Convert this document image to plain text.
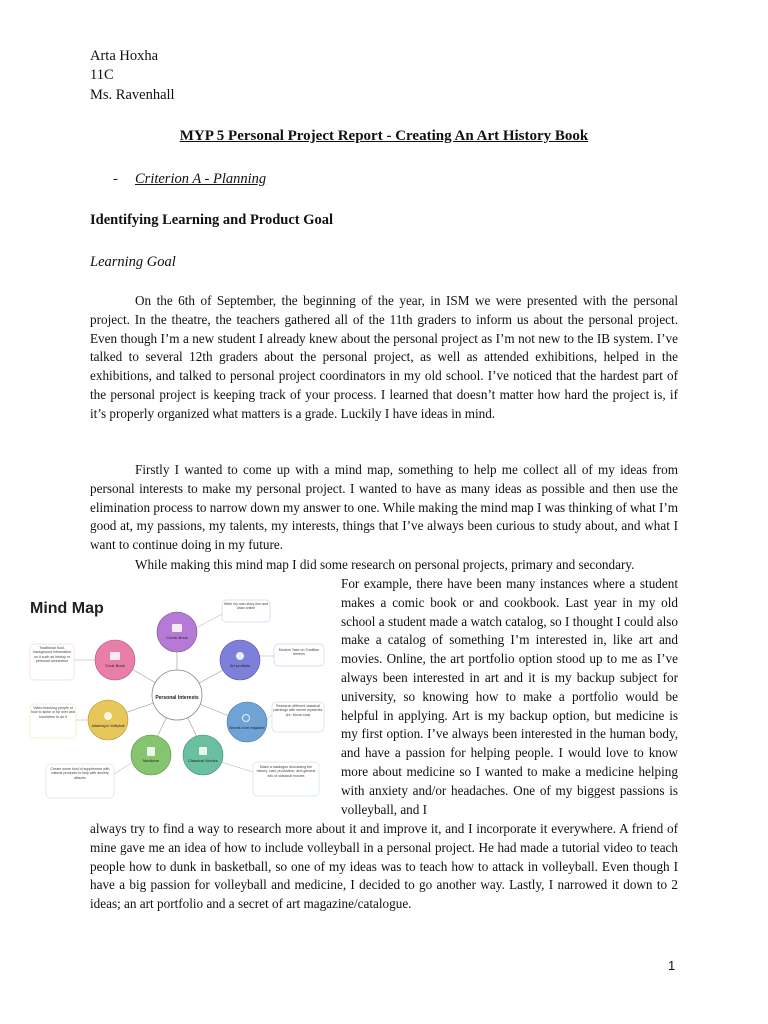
Arta Hoxha
11C
Ms. Ravenhall
MYP 5 Personal Project Report - Creating An Art History Book
- Criterion A - Planning
Identifying Learning and Product Goal
Learning Goal

On the 6th of September, the beginning of the year, in ISM we were presented with the personal project. In the theatre, the teachers gathered all of the 11th graders to inform us about the personal project. Even though I’m a new student I already knew about the personal project as I’m not new to the IB system. I’ve talked to several 12th graders about the personal project, as well as attended exhibitions, helped in the exhibitions, and talked to personal project coordinators in my old school. I’ve noticed that the hardest part of the personal project is keeping track of your process. I learned that doesn’t matter how hard the project is, if it’s properly organized what matters is a grade. Luckily I have ideas in mind.

Firstly I wanted to come up with a mind map, something to help me collect all of my ideas from personal interests to make my personal project. I wanted to have as many ideas as possible and then use the elimination process to narrow down my answer to one. While making the mind map I was thinking of what I’m good at, my passions, my talents, my interests, things that I’ve always been curious to study about, and what I want to continue doing in my future.

While making this mind map I did some research on personal projects, primary and secondary.

For example, there have been many instances where a student makes a comic book or and cookbook. Last year in my old school a student made a watch catalog, so I thought I could also make a catalog of something I’m interested in, like art and movies. Online, the art portfolio option stood up to me as I’ve always been interested in art and it is my backup subject for university, so knowing how to make a portfolio would be helpful in applying. Art is my backup option, but medicine is my first option. I’ve always been interested in the human body, and have a passion for helping people. I would love to know more about medicine so I wanted to make a medicine helping with anxiety and/or headaches. One of my biggest passions is volleyball, and I

always try to find a way to research more about it and improve it, and I incorporate it everywhere. A friend of mine gave me an idea of how to include volleyball in a personal project. He had made a tutorial video to teach people how to dunk in basketball, so one of my ideas was to teach how to attack in volleyball. Even though I have a big passion for volleyball and medicine, I decided to go another way. Lastly, I narrowed it down to 2 ideas; an art portfolio and a secret of art magazine/catalogue.

Mind Map
Personal Interests
Comic Book
Art portfolio
Secrets of art magazine
Classical Movies
Medicine
Attacking in Volleyball
Cook Book
Write my own story-line and draw online
Modern Take on Tradition themes
Research different classical paintings with secret mysteries (ex. Mona Lisa)
Make a catalogue discussing the history, cast, production, and general info of classical movies
Create some kind of supplement with natural products to help with anxiety attacks
Video teaching people of how to spike or tip over and how/when to do it
Traditional food, background information on it such as history or personal connection
1
